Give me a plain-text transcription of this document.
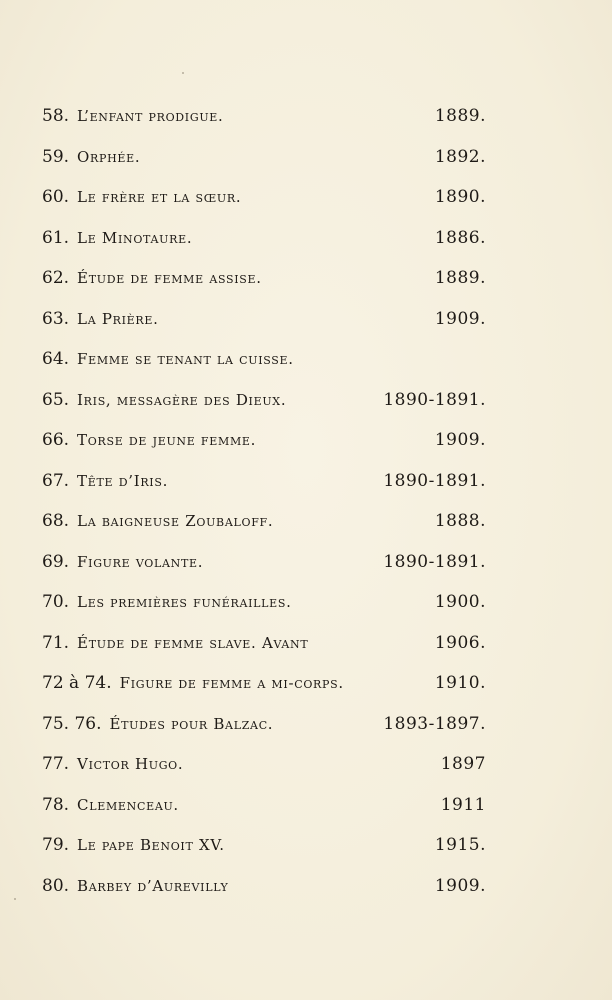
58. L’enfant prodigue.	1889.
59. Orphée.	1892.
60. Le frère et la sœur.	1890.
61. Le Minotaure.	1886.
62. Étude de femme assise.	1889.
63. La Prière.	1909.
64. Femme se tenant la cuisse.
65. Iris, messagère des Dieux.	1890-1891.
66. Torse de jeune femme.	1909.
67. Tête d’Iris.	1890-1891.
68. La baigneuse Zoubaloff.	1888.
69. Figure volante.	1890-1891.
70. Les premières funérailles.	1900.
71. Étude de femme slave. Avant	1906.
72 à 74. Figure de femme a mi-corps.	1910.
75. 76. Études pour Balzac.	1893-1897.
77. Victor Hugo.	1897
78. Clemenceau.	1911
79. Le pape Benoit XV.	1915.
80. Barbey d’Aurevilly	1909.
